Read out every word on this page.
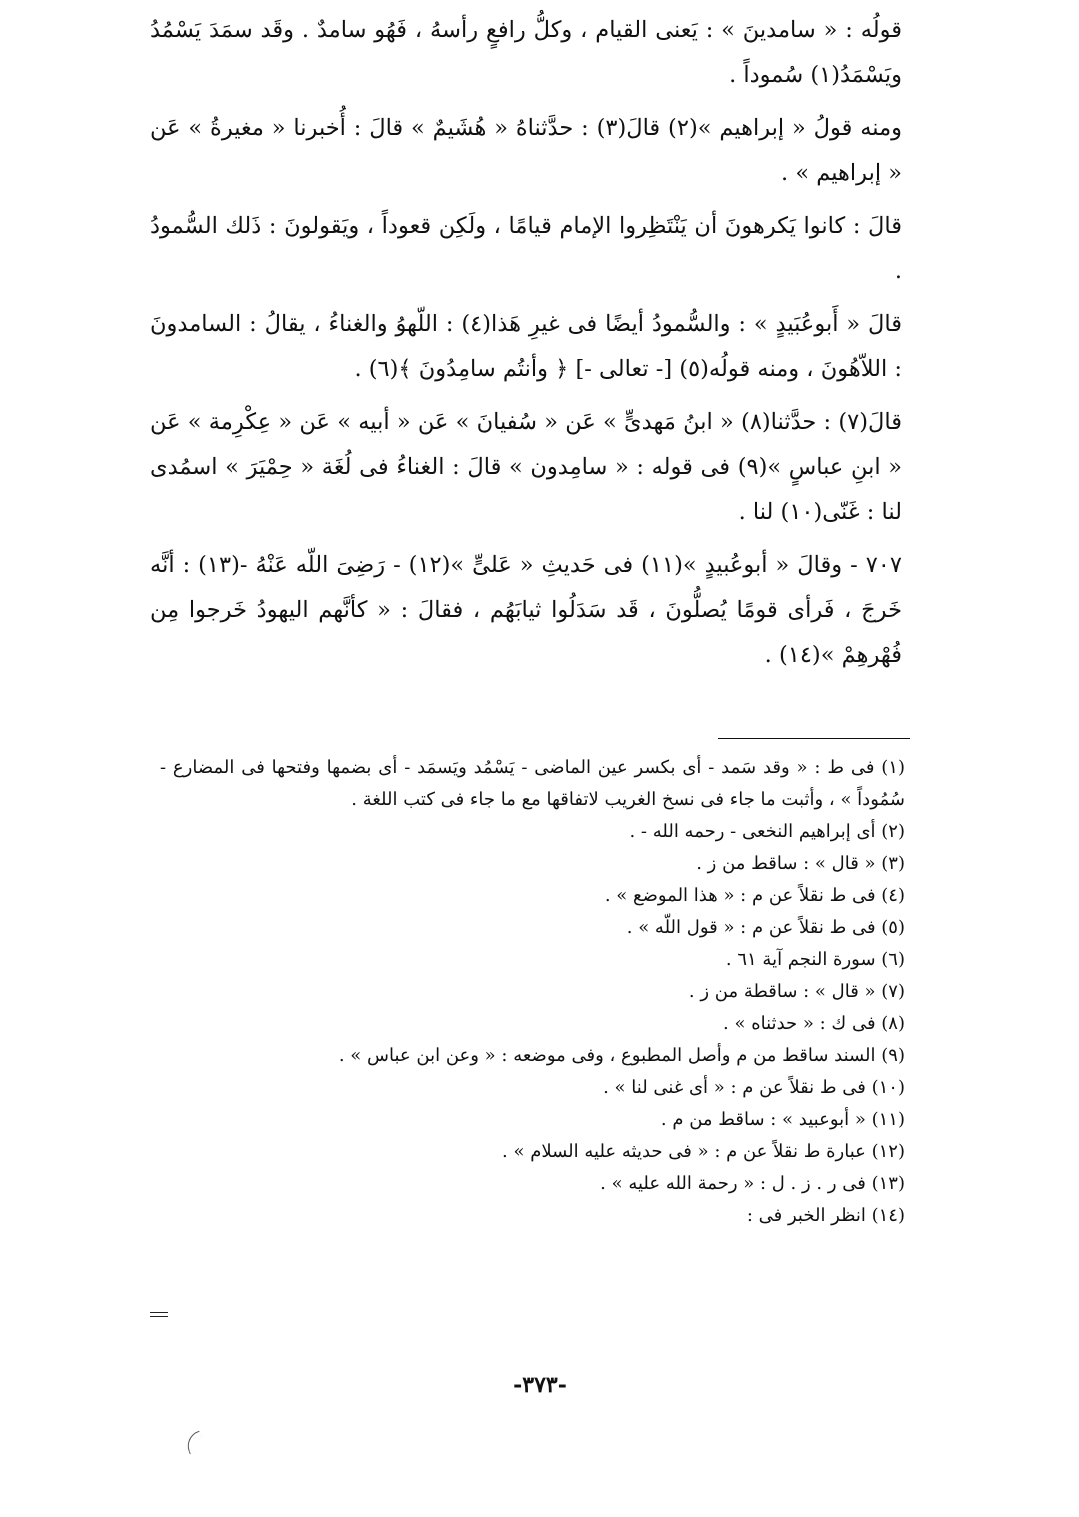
قولُه : « سامدينَ » : يَعنى القيام ، وكلُّ رافعٍ رأسهُ ، فَهُو سامدٌ . وقَد سمَدَ يَسْمُدُ ويَسْمَدُ(١) سُموداً .

ومنه قولُ « إبراهيم »(٢) قالَ(٣) : حدَّثناهُ « هُشَيمٌ » قالَ : أُخبرنا « مغيرةُ » عَن « إبراهيم » .

قالَ : كانوا يَكرهونَ أن يَنْتَظِروا الإمام قيامًا ، ولَكِن قعوداً ، ويَقولونَ : ذَلك السُّمودُ .

قالَ « أَبوعُبَيدٍ » : والسُّمودُ أيضًا فى غيرِ هَذا(٤) : اللّهوُ والغناءُ ، يقالُ : السامدونَ : اللاّهُونَ ، ومنه قولُه(٥) [- تعالى -] ﴿ وأنتُم سامِدُونَ ﴾(٦) .

قالَ(٧) : حدَّثنا(٨) « ابنُ مَهدىٍّ » عَن « سُفيانَ » عَن « أبيه » عَن « عِكْرِمة » عَن « ابنِ عباسٍ »(٩) فى قوله : « سامِدون » قالَ : الغناءُ فى لُغَة « حِمْيَرَ » اسمُدى لنا : غَنّى(١٠) لنا .

٧٠٧ - وقالَ « أبوعُبيدٍ »(١١) فى حَديثِ « عَلىٍّ »(١٢) - رَضِىَ اللّه عَنْهُ -(١٣) : أنَّه خَرجَ ، فَرأى قومًا يُصلُّونَ ، قَد سَدَلُوا ثيابَهُم ، فقالَ : « كأنَّهم اليهودُ خَرجوا مِن فُهْرهِمْ »(١٤) .

(١) فى ط : « وقد سَمد - أى بكسر عين الماضى - يَسْمُد ويَسمَد - أى بضمها وفتحها فى المضارع - سُمُوداً » ، وأثبت ما جاء فى نسخ الغريب لاتفاقها مع ما جاء فى كتب اللغة .

(٢) أى إبراهيم النخعى - رحمه الله - .

(٣) « قال » : ساقط من ز .

(٤) فى ط نقلاً عن م : « هذا الموضع » .

(٥) فى ط نقلاً عن م : « قول اللّه » .

(٦) سورة النجم آية ٦١ .

(٧) « قال » : ساقطة من ز .

(٨) فى ك : « حدثناه » .

(٩) السند ساقط من م وأصل المطبوع ، وفى موضعه : « وعن ابن عباس » .

(١٠) فى ط نقلاً عن م : « أى غنى لنا » .

(١١) « أبوعبيد » : ساقط من م .

(١٢) عبارة ط نقلاً عن م : « فى حديثه عليه السلام » .

(١٣) فى ر . ز . ل : « رحمة الله عليه » .

(١٤) انظر الخبر فى :

-٣٧٣-
